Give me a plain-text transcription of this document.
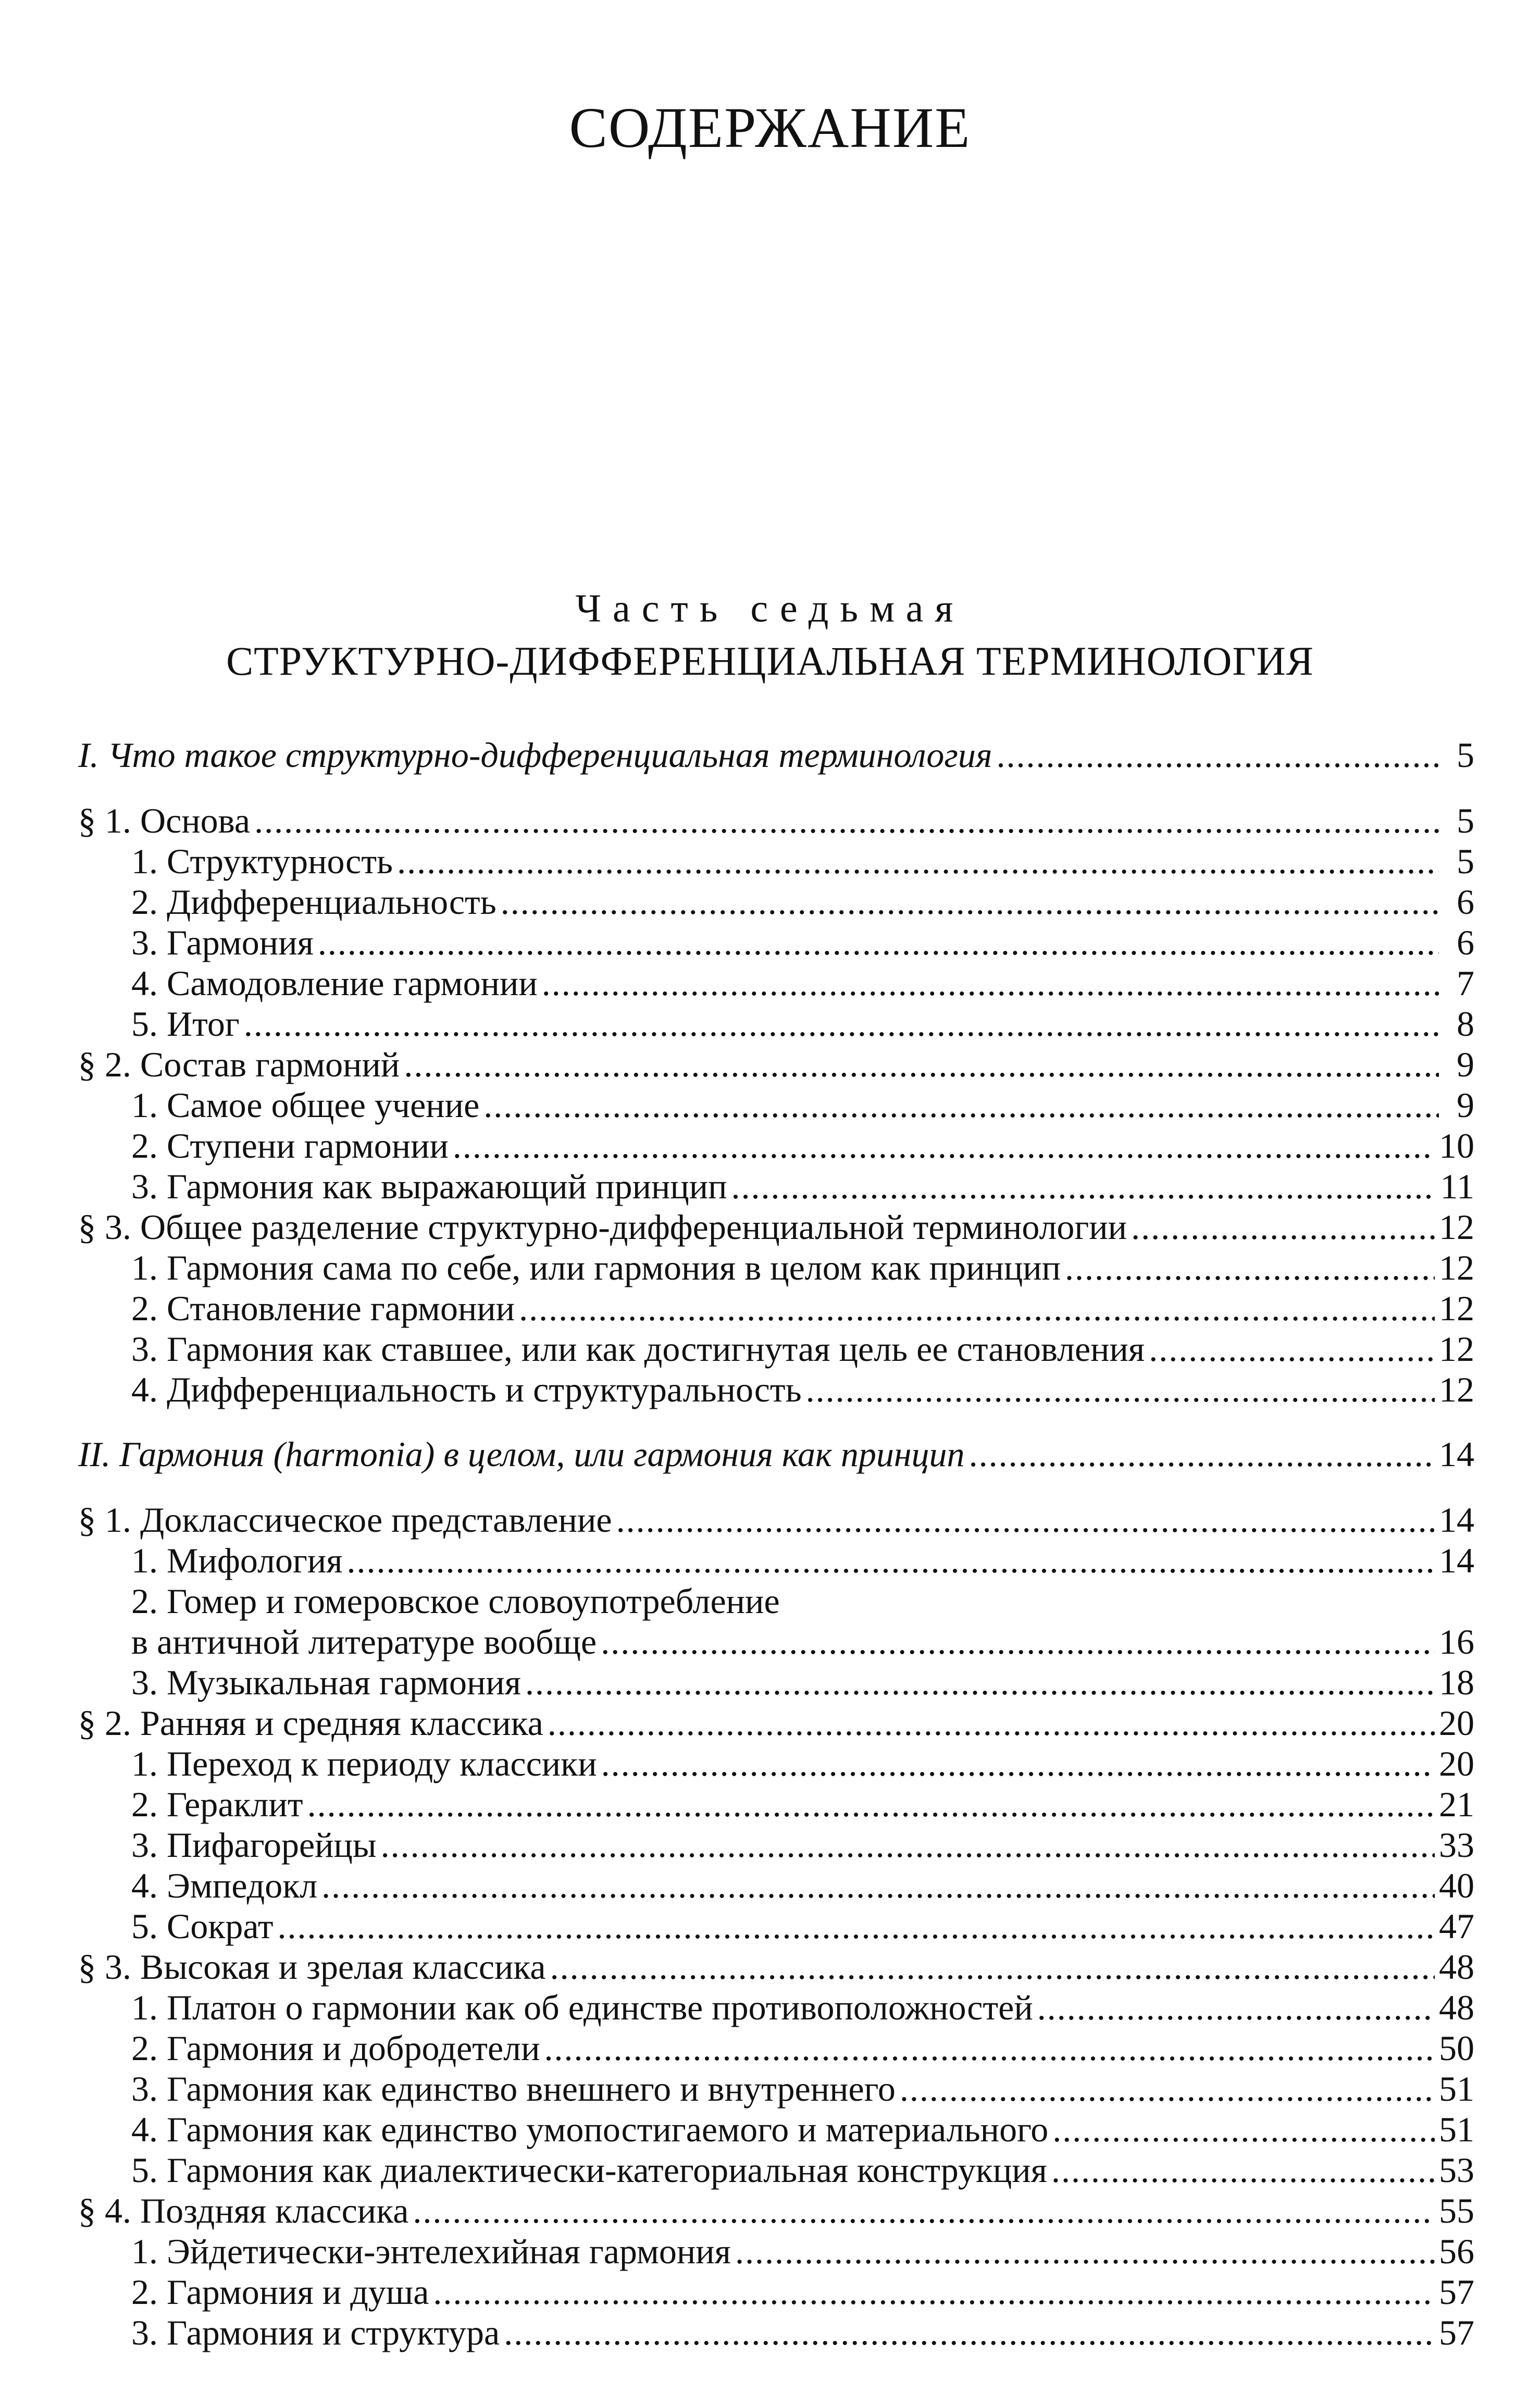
СОДЕРЖАНИЕ
Часть седьмая
СТРУКТУРНО-ДИФФЕРЕНЦИАЛЬНАЯ ТЕРМИНОЛОГИЯ
I. Что такое структурно-дифференциальная терминология .....	5
§ 1. Основа .....	5
1. Структурность .....	5
2. Дифференциальность .....	6
3. Гармония .....	6
4. Самодовление гармонии .....	7
5. Итог .....	8
§ 2. Состав гармоний .....	9
1. Самое общее учение .....	9
2. Ступени гармонии .....	10
3. Гармония как выражающий принцип .....	11
§ 3. Общее разделение структурно-дифференциальной терминологии .....	12
1. Гармония сама по себе, или гармония в целом как принцип .....	12
2. Становление гармонии .....	12
3. Гармония как ставшее, или как достигнутая цель ее становления .....	12
4. Дифференциальность и структуральность .....	12
II. Гармония (harmonia) в целом, или гармония как принцип .....	14
§ 1. Доклассическое представление .....	14
1. Мифология .....	14
2. Гомер и гомеровское словоупотребление
в античной литературе вообще .....	16
3. Музыкальная гармония .....	18
§ 2. Ранняя и средняя классика .....	20
1. Переход к периоду классики .....	20
2. Гераклит .....	21
3. Пифагорейцы .....	33
4. Эмпедокл .....	40
5. Сократ .....	47
§ 3. Высокая и зрелая классика .....	48
1. Платон о гармонии как об единстве противоположностей .....	48
2. Гармония и добродетели .....	50
3. Гармония как единство внешнего и внутреннего .....	51
4. Гармония как единство умопостигаемого и материального .....	51
5. Гармония как диалектически-категориальная конструкция .....	53
§ 4. Поздняя классика .....	55
1. Эйдетически-энтелехийная гармония .....	56
2. Гармония и душа .....	57
3. Гармония и структура .....	57
